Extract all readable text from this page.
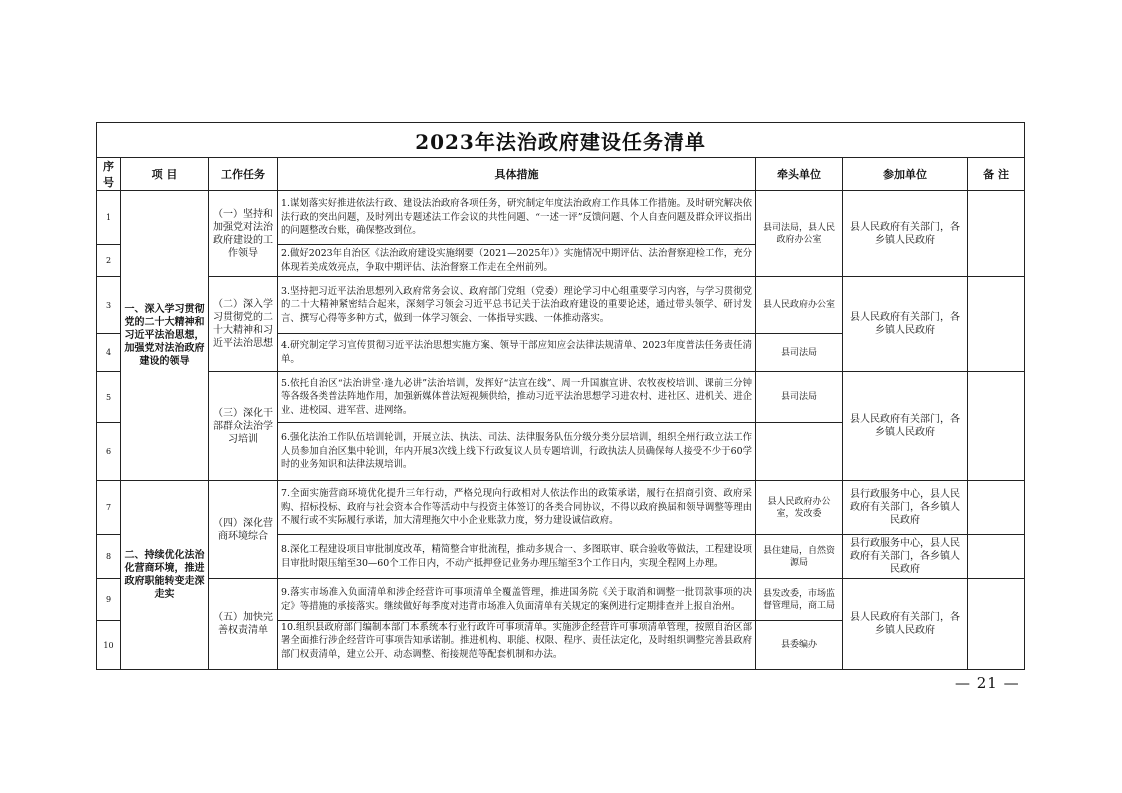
2023年法治政府建设任务清单						
序号	项 目	工作任务	具体措施	牵头单位	参加单位	备 注
1	一、深入学习贯彻党的二十大精神和习近平法治思想，加强党对法治政府建设的领导	（一）坚持和加强党对法治政府建设的工作领导	1.谋划落实好推进依法行政、建设法治政府各项任务，研究制定年度法治政府工作具体工作措施。及时研究解决依法行政的突出问题，及时列出专题述法工作会议的共性问题、“一述一评”反馈问题、个人自查问题及群众评议指出的问题整改台账，确保整改到位。	县司法局，县人民政府办公室	县人民政府有关部门，各乡镇人民政府	
2			2.做好2023年自治区《法治政府建设实施纲要（2021—2025年）》实施情况中期评估、法治督察迎检工作，充分体现若美成效亮点，争取中期评估、法治督察工作走在全州前列。			
3		（二）深入学习贯彻党的二十大精神和习近平法治思想	3.坚持把习近平法治思想列入政府常务会议、政府部门党组（党委）理论学习中心组重要学习内容，与学习贯彻党的二十大精神紧密结合起来，深刻学习领会习近平总书记关于法治政府建设的重要论述，通过带头领学、研讨发言、撰写心得等多种方式，做到一体学习领会、一体指导实践、一体推动落实。	县人民政府办公室	县人民政府有关部门，各乡镇人民政府	
4			4.研究制定学习宣传贯彻习近平法治思想实施方案、领导干部应知应会法律法规清单、2023年度普法任务责任清单。	县司法局		
5		（三）深化干部群众法治学习培训	5.依托自治区“法治讲堂·逢九必讲”法治培训，发挥好“法宣在线”、周一升国旗宣讲、农牧夜校培训、课前三分钟等各级各类普法阵地作用，加强新媒体普法短视频供给，推动习近平法治思想学习进农村、进社区、进机关、进企业、进校园、进军营、进网络。	县司法局	县人民政府有关部门，各乡镇人民政府	
6			6.强化法治工作队伍培训轮训，开展立法、执法、司法、法律服务队伍分级分类分层培训，组织全州行政立法工作人员参加自治区集中轮训，年内开展3次线上线下行政复议人员专题培训，行政执法人员确保每人接受不少于60学时的业务知识和法律法规培训。			
7	二、持续优化法治化营商环境，推进政府职能转变走深走实	（四）深化营商环境综合	7.全面实施营商环境优化提升三年行动，严格兑现向行政相对人依法作出的政策承诺，履行在招商引资、政府采购、招标投标、政府与社会资本合作等活动中与投资主体签订的各类合同协议，不得以政府换届和领导调整等理由不履行或不实际履行承诺，加大清理拖欠中小企业账款力度，努力建设诚信政府。	县人民政府办公室，发改委	县行政服务中心，县人民政府有关部门，各乡镇人民政府	
8			8.深化工程建设项目审批制度改革，精简整合审批流程，推动多规合一、多图联审、联合验收等做法，工程建设项目审批时限压缩至30—60个工作日内，不动产抵押登记业务办理压缩至3个工作日内，实现全程网上办理。	县住建局，自然资源局	县行政服务中心，县人民政府有关部门，各乡镇人民政府	
9		（五）加快完善权责清单	9.落实市场准入负面清单和涉企经营许可事项清单全覆盖管理，推进国务院《关于取消和调整一批罚款事项的决定》等措施的承接落实。继续做好每季度对违背市场准入负面清单有关规定的案例进行定期排查并上报自治州。	县发改委，市场监督管理局，商工局	县人民政府有关部门，各乡镇人民政府	
10			10.组织县政府部门编制本部门本系统本行业行政许可事项清单。实施涉企经营许可事项清单管理，按照自治区部署全面推行涉企经营许可事项告知承诺制。推进机构、职能、权限、程序、责任法定化，及时组织调整完善县政府部门权责清单，建立公开、动态调整、衔接规范等配套机制和办法。	县委编办		
— 21 —
